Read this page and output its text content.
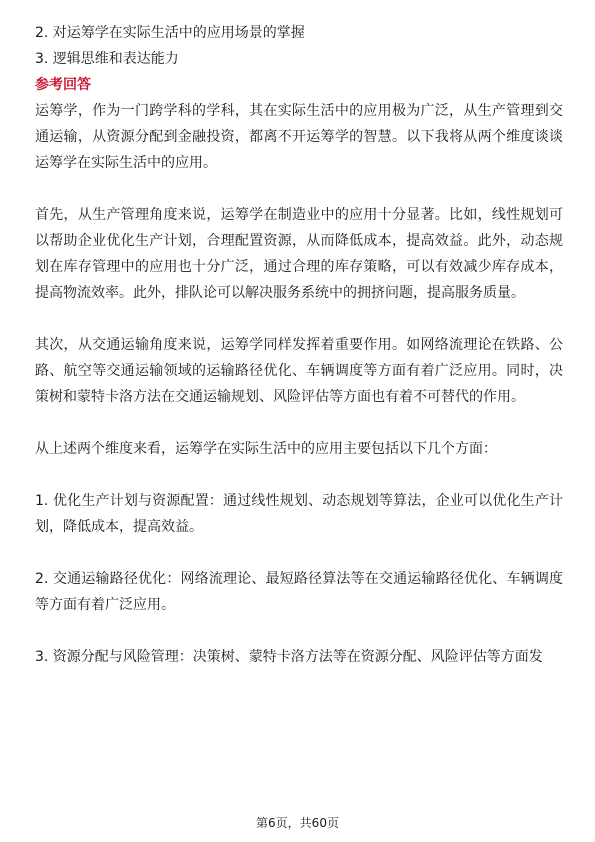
2. 对运筹学在实际生活中的应用场景的掌握
3. 逻辑思维和表达能力
参考回答

运筹学，作为一门跨学科的学科，其在实际生活中的应用极为广泛，从生产管理到交通运输，从资源分配到金融投资，都离不开运筹学的智慧。以下我将从两个维度谈谈运筹学在实际生活中的应用。

首先，从生产管理角度来说，运筹学在制造业中的应用十分显著。比如，线性规划可以帮助企业优化生产计划，合理配置资源，从而降低成本，提高效益。此外，动态规划在库存管理中的应用也十分广泛，通过合理的库存策略，可以有效减少库存成本，提高物流效率。此外，排队论可以解决服务系统中的拥挤问题，提高服务质量。

其次，从交通运输角度来说，运筹学同样发挥着重要作用。如网络流理论在铁路、公路、航空等交通运输领域的运输路径优化、车辆调度等方面有着广泛应用。同时，决策树和蒙特卡洛方法在交通运输规划、风险评估等方面也有着不可替代的作用。

从上述两个维度来看，运筹学在实际生活中的应用主要包括以下几个方面：

1. 优化生产计划与资源配置：通过线性规划、动态规划等算法，企业可以优化生产计划，降低成本，提高效益。

2. 交通运输路径优化：网络流理论、最短路径算法等在交通运输路径优化、车辆调度等方面有着广泛应用。

3. 资源分配与风险管理：决策树、蒙特卡洛方法等在资源分配、风险评估等方面发

第6页，共60页
